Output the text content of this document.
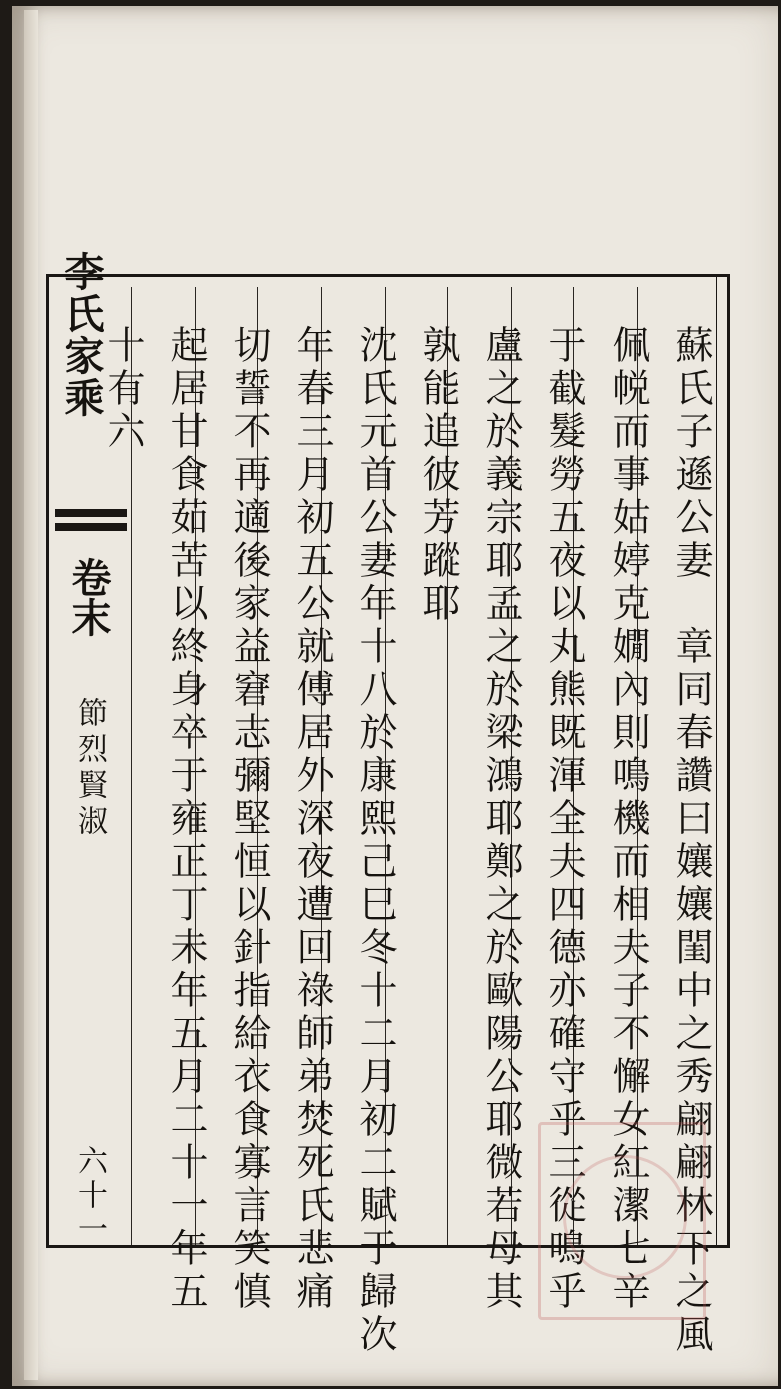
李氏家乘
卷末
節烈賢淑
六十一	蘇氏子遜公妻　章同春讚曰孃孃閨中之秀翩翩林下之風
佩帨而事姑婷克嫺內則鳴機而相夫子不懈女紅潔七辛
于截髮勞五夜以丸熊既渾全夫四德亦確守乎三從鳴乎
盧之於義宗耶孟之於梁鴻耶鄭之於歐陽公耶微若母其
孰能追彼芳蹤耶
沈氏元首公妻年十八於康熙己巳冬十二月初二賦于歸次
年春三月初五公就傅居外深夜遭回祿師弟焚死氏悲痛
切誓不再適後家益窘志彌堅恒以針指給衣食寡言笑慎
起居甘食茹苦以終身卒于雍正丁未年五月二十一年五
十有六
